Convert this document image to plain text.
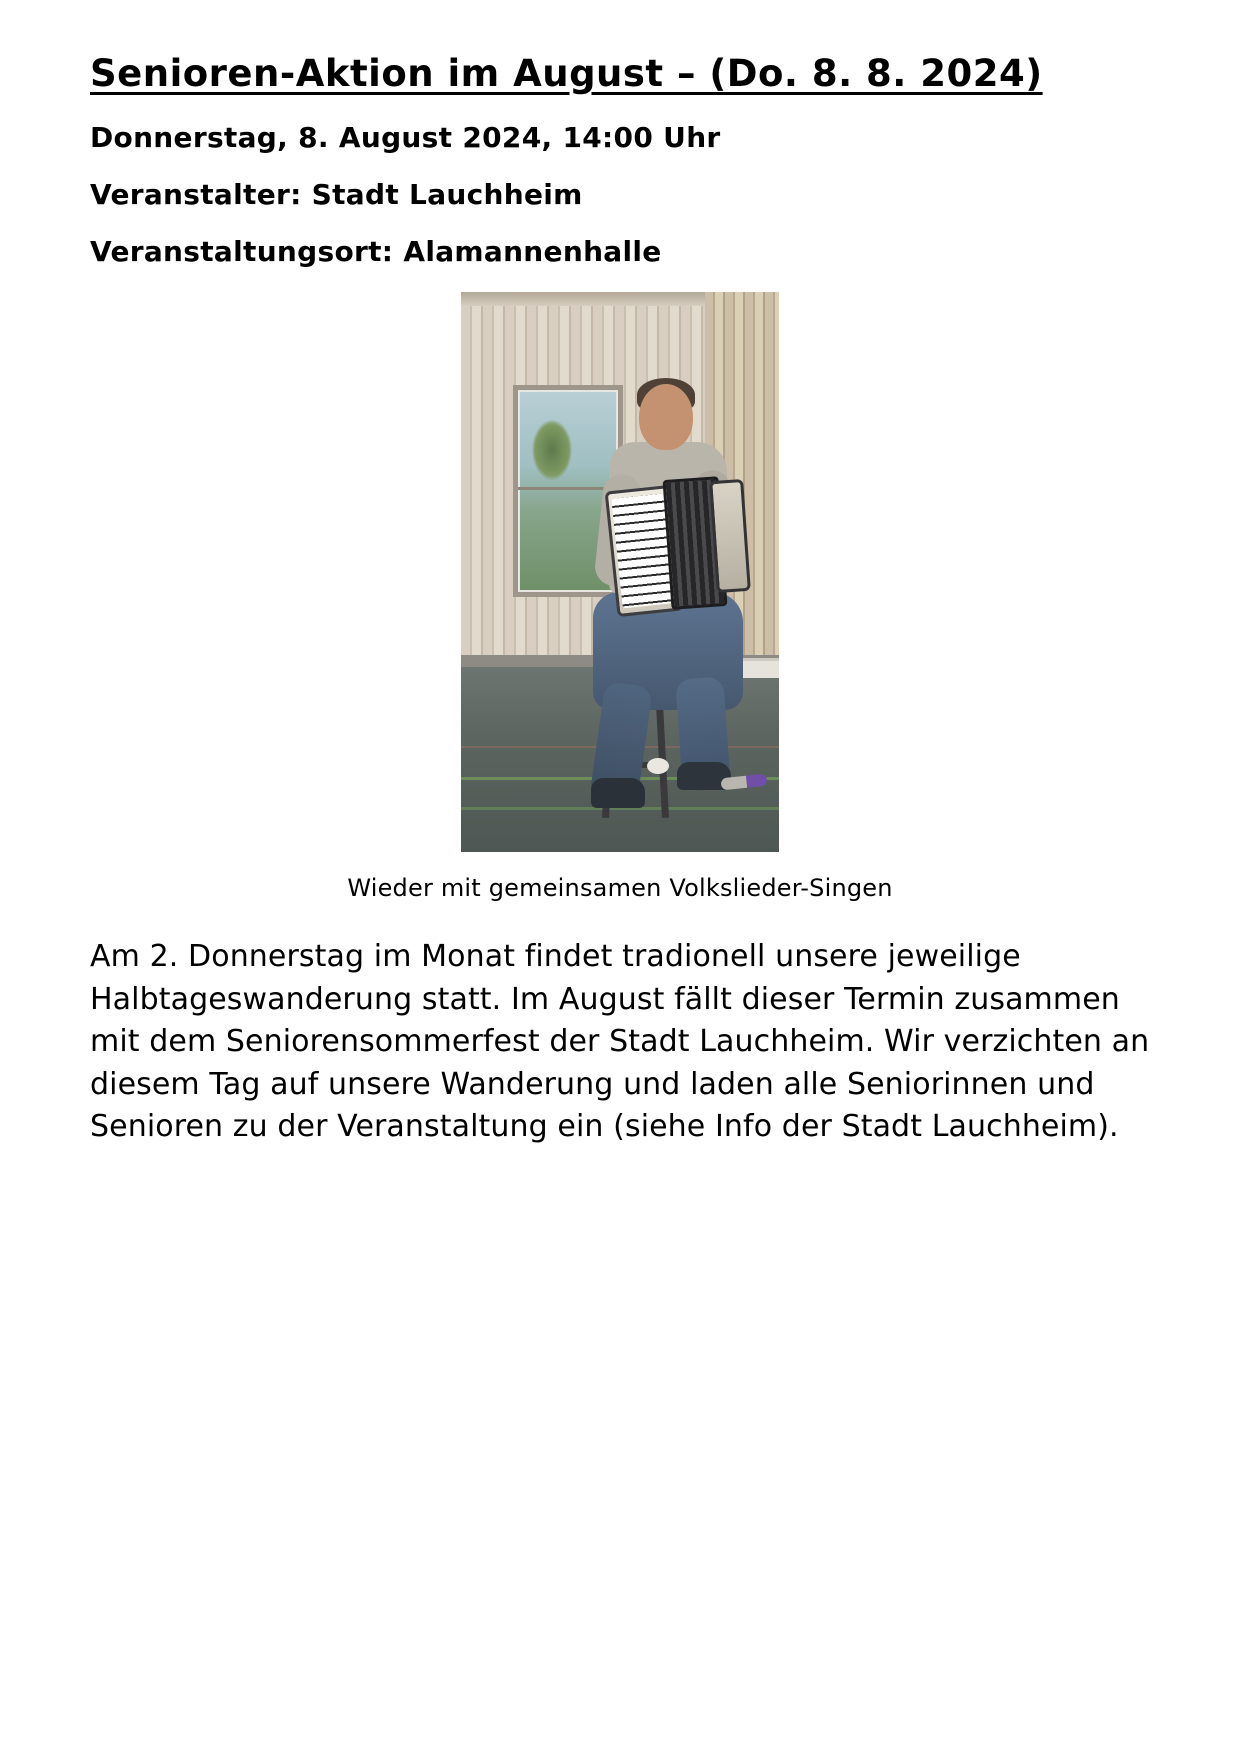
Senioren-Aktion im August – (Do. 8. 8. 2024)

Donnerstag, 8. August 2024, 14:00 Uhr

Veranstalter: Stadt Lauchheim

Veranstaltungsort: Alamannenhalle

Wieder mit gemeinsamen Volkslieder-Singen

Am 2. Donnerstag im Monat findet tradionell unsere jeweilige Halbtageswanderung statt. Im August fällt dieser Termin zusammen mit dem Seniorensommerfest der Stadt Lauchheim. Wir verzichten an diesem Tag auf unsere Wanderung und laden alle Seniorinnen und Senioren zu der Veranstaltung ein (siehe Info der Stadt Lauchheim).
